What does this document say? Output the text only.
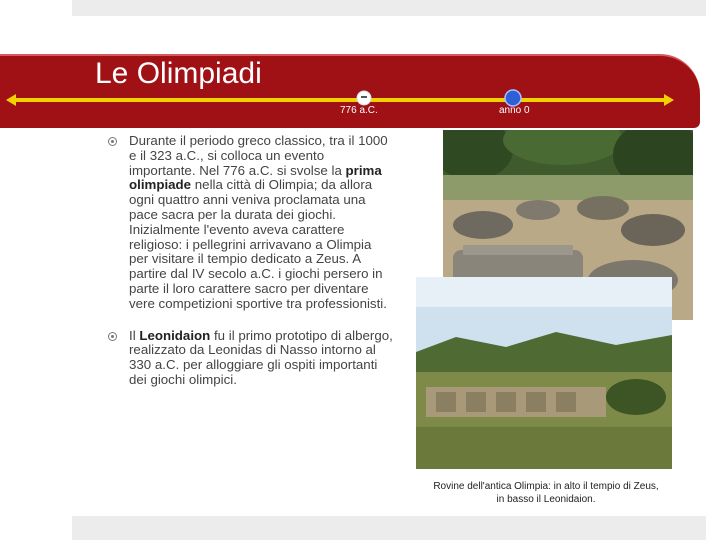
Le Olimpiadi
776 a.C.	anno 0
Durante il periodo greco classico, tra il 1000 e il 323 a.C., si colloca un evento importante. Nel 776 a.C. si svolse la prima olimpiade nella città di Olimpia; da allora ogni quattro anni veniva proclamata una pace sacra per la durata dei giochi. Inizialmente l'evento aveva carattere religioso: i pellegrini arrivavano a Olimpia per visitare il tempio dedicato a Zeus. A partire dal IV secolo a.C. i giochi persero in parte il loro carattere sacro per diventare vere competizioni sportive tra professionisti.
Il Leonidaion fu il primo prototipo di albergo, realizzato da Leonidas di Nasso intorno al 330 a.C. per alloggiare gli ospiti importanti dei giochi olimpici.
Rovine dell'antica Olimpia: in alto il tempio di Zeus,
in basso il Leonidaion.
